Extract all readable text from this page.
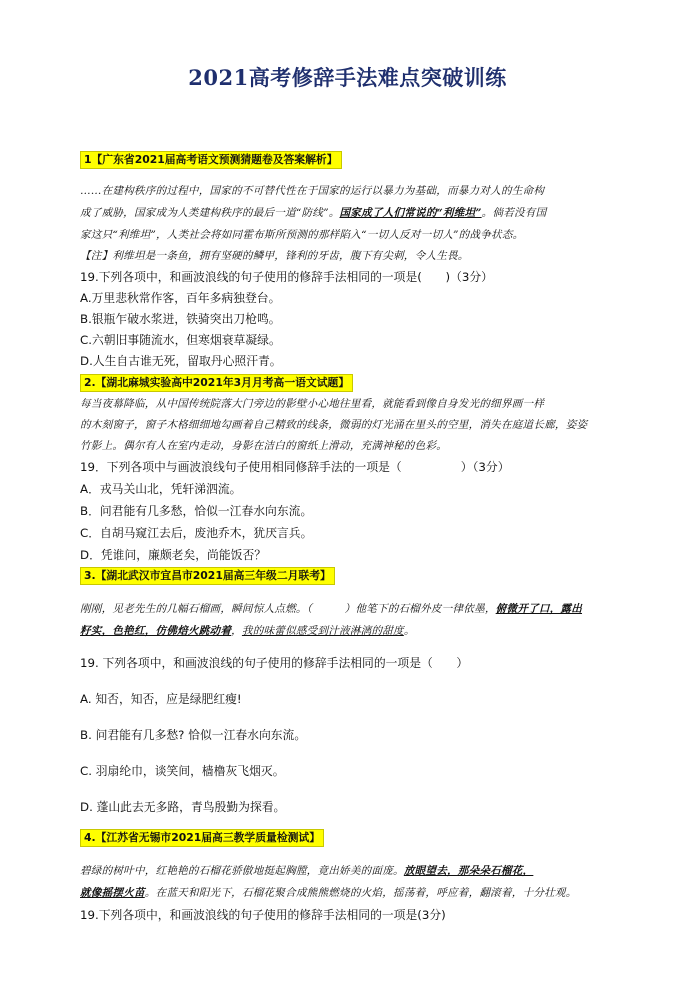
2021高考修辞手法难点突破训练
1【广东省2021届高考语文预测猜题卷及答案解析】
……在建构秩序的过程中，国家的不可替代性在于国家的运行以暴力为基础，而暴力对人的生命构
成了威胁，国家成为人类建构秩序的最后一道“防线”。国家成了人们常说的“利维坦”。倘若没有国
家这只“利维坦”，人类社会将如同霍布斯所预测的那样陷入“一切人反对一切人”的战争状态。
【注】利维坦是一条鱼，拥有坚硬的鳞甲，锋利的牙齿，腹下有尖刺，令人生畏。
19.下列各项中，和画波浪线的句子使用的修辞手法相同的一项是(　　)（3分）
A.万里悲秋常作客，百年多病独登台。
B.银瓶乍破水浆迸，铁骑突出刀枪鸣。
C.六朝旧事随流水，但寒烟衰草凝绿。
D.人生自古谁无死，留取丹心照汗青。
2.【湖北麻城实验高中2021年3月月考高一语文试题】
每当夜幕降临，从中国传统院落大门旁边的影壁小心地往里看，就能看到像自身发光的细界画一样
的木刻窗子，窗子木格细细地勾画着自己精致的线条，微弱的灯光涌在里头的空里，消失在庭道长廊，姿姿
竹影上。偶尔有人在室内走动，身影在洁白的窗纸上滑动，充满神秘的色彩。
19．下列各项中与画波浪线句子使用相同修辞手法的一项是（　　　　　）（3分）
A．戎马关山北，凭轩涕泗流。
B．问君能有几多愁，恰似一江春水向东流。
C．自胡马窥江去后，废池乔木，犹厌言兵。
D．凭谁问，廉颇老矣，尚能饭否？
3.【湖北武汉市宜昌市2021届高三年级二月联考】
刚刚，见老先生的几幅石榴画，瞬间惊人点燃。（　　　）他笔下的石榴外皮一律依墨，俯微开了口，露出
籽实，色艳红，仿佛焙火跳动着，我的味蕾似感受到汁液淋漓的甜度。
19. 下列各项中，和画波浪线的句子使用的修辞手法相同的一项是（　　）
A. 知否，知否，应是绿肥红瘦!
B. 问君能有几多愁? 恰似一江春水向东流。
C. 羽扇纶巾，谈笑间，樯橹灰飞烟灭。
D. 蓬山此去无多路，青鸟殷勤为探看。
4.【江苏省无锡市2021届高三教学质量检测试】
碧绿的树叶中，红艳艳的石榴花骄傲地挺起胸膛，竟出娇美的面庞。放眼望去，那朵朵石榴花，
就像摇摆火苗。在蓝天和阳光下，石榴花聚合成熊熊燃烧的火焰，摇荡着，呼应着，翻滚着，十分壮观。
19.下列各项中，和画波浪线的句子使用的修辞手法相同的一项是(3分)
